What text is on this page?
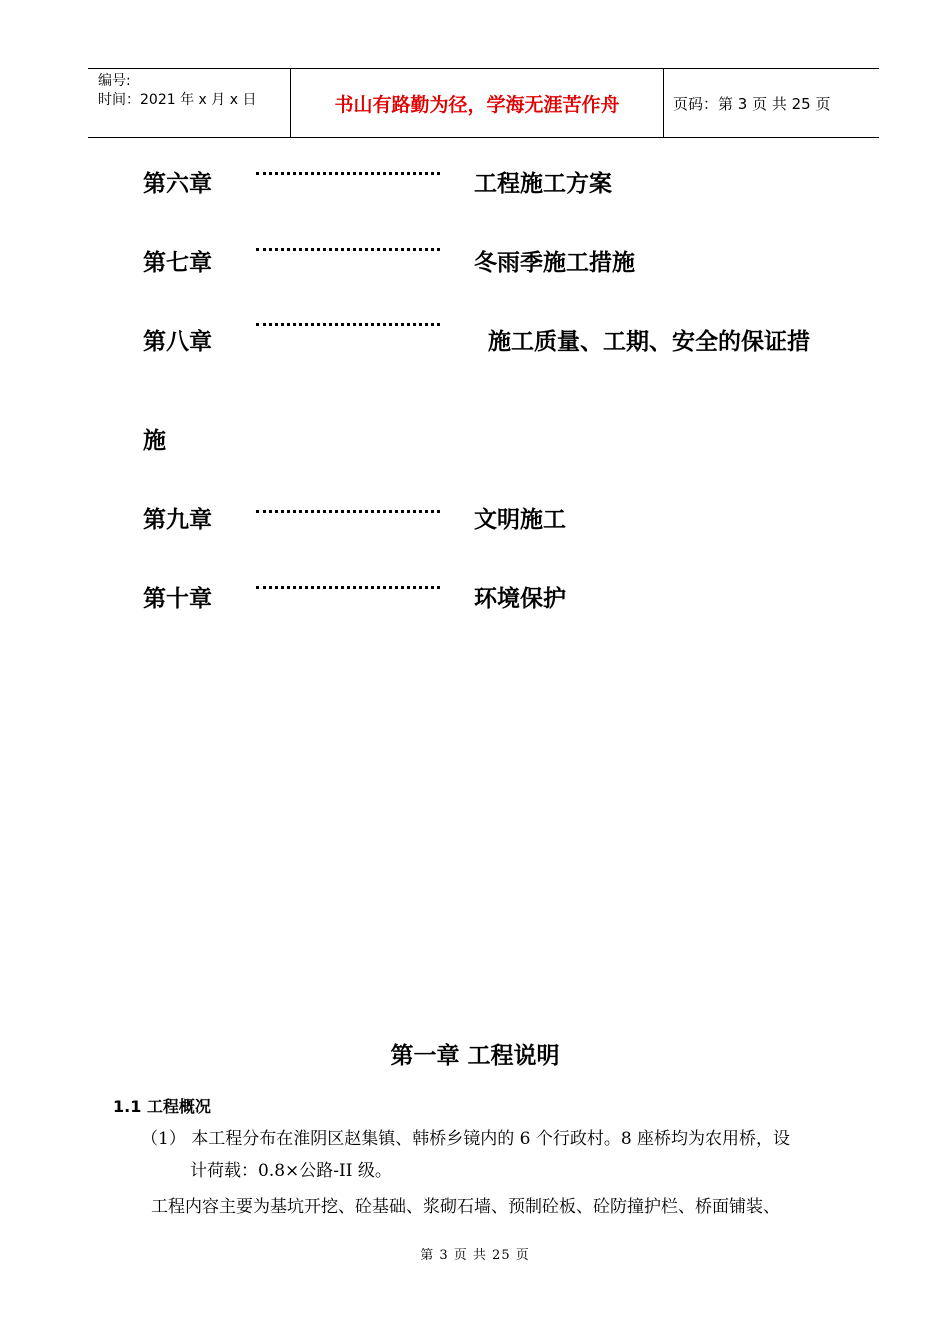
编号:
时间：2021 年 x 月 x 日	书山有路勤为径，学海无涯苦作舟	页码：第 3 页 共 25 页
第六章	工程施工方案
第七章	冬雨季施工措施
第八章	施工质量、工期、安全的保证措
施
第九章	文明施工
第十章	环境保护
第一章 工程说明
1.1 工程概况
（1） 本工程分布在淮阴区赵集镇、韩桥乡镜内的 6 个行政村。8 座桥均为农用桥，设
计荷载：0.8×公路-II 级。
工程内容主要为基坑开挖、砼基础、浆砌石墙、预制砼板、砼防撞护栏、桥面铺装、
第 3 页 共 25 页
